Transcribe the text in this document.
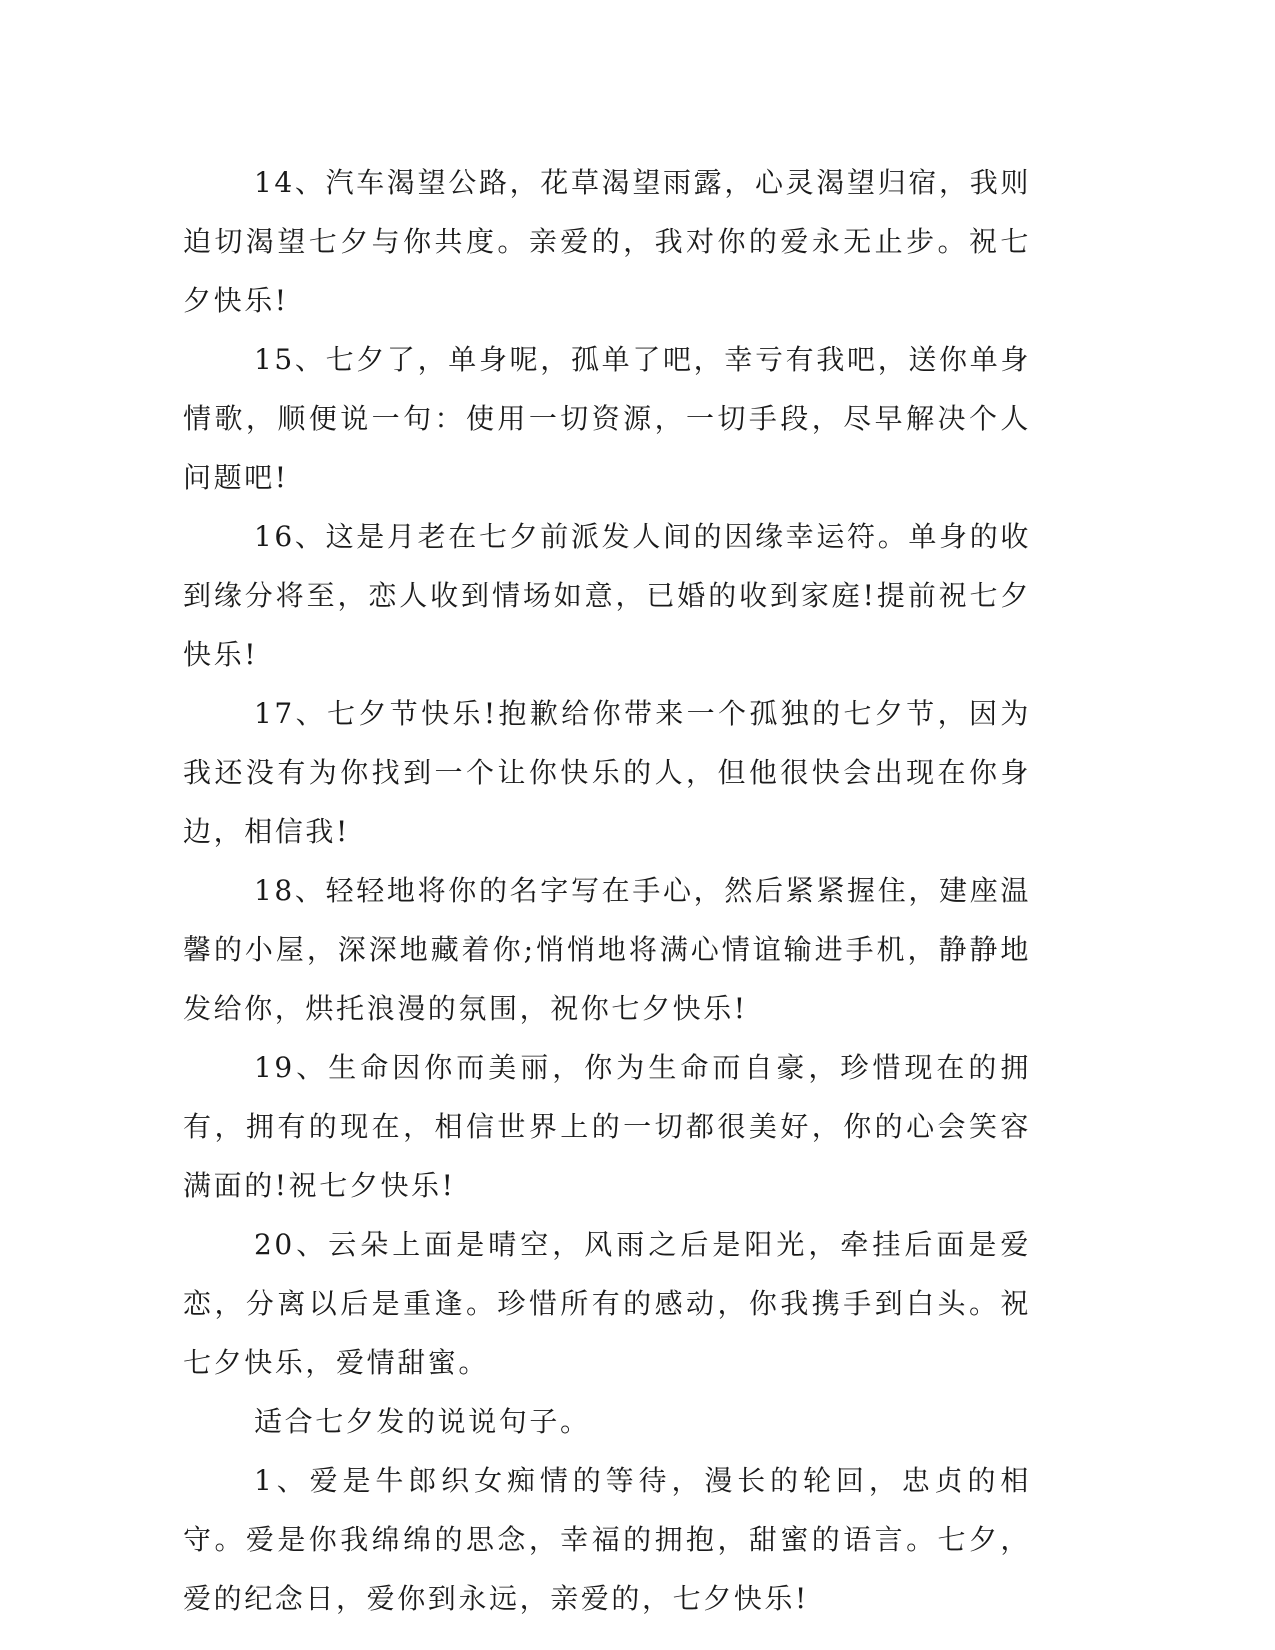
14、汽车渴望公路，花草渴望雨露，心灵渴望归宿，我则迫切渴望七夕与你共度。亲爱的，我对你的爱永无止步。祝七夕快乐!

15、七夕了，单身呢，孤单了吧，幸亏有我吧，送你单身情歌，顺便说一句：使用一切资源，一切手段，尽早解决个人问题吧!

16、这是月老在七夕前派发人间的因缘幸运符。单身的收到缘分将至，恋人收到情场如意，已婚的收到家庭!提前祝七夕快乐!

17、七夕节快乐!抱歉给你带来一个孤独的七夕节，因为我还没有为你找到一个让你快乐的人，但他很快会出现在你身边，相信我!

18、轻轻地将你的名字写在手心，然后紧紧握住，建座温馨的小屋，深深地藏着你;悄悄地将满心情谊输进手机，静静地发给你，烘托浪漫的氛围，祝你七夕快乐!

19、生命因你而美丽，你为生命而自豪，珍惜现在的拥有，拥有的现在，相信世界上的一切都很美好，你的心会笑容满面的!祝七夕快乐!

20、云朵上面是晴空，风雨之后是阳光，牵挂后面是爱恋，分离以后是重逢。珍惜所有的感动，你我携手到白头。祝七夕快乐，爱情甜蜜。

适合七夕发的说说句子。

1、爱是牛郎织女痴情的等待，漫长的轮回，忠贞的相守。爱是你我绵绵的思念，幸福的拥抱，甜蜜的语言。七夕，爱的纪念日，爱你到永远，亲爱的，七夕快乐!
